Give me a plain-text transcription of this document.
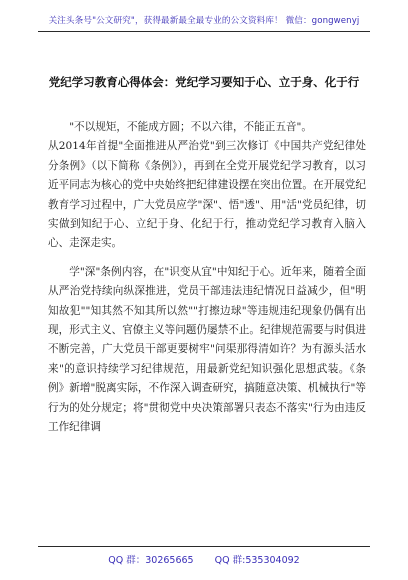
关注头条号"公文研究"，获得最新最全最专业的公文资料库！ 微信：gongwenyj
党纪学习教育心得体会：党纪学习要知于心、立于身、化于行

"不以规矩，不能成方圆；不以六律，不能正五音"。
从2014年首提"全面推进从严治党"到三次修订《中国共产党纪律处分条例》（以下简称《条例》），再到在全党开展党纪学习教育，以习近平同志为核心的党中央始终把纪律建设摆在突出位置。在开展党纪教育学习过程中，广大党员应学"深"、悟"透"、用"活"党员纪律，切实做到知纪于心、立纪于身、化纪于行，推动党纪学习教育入脑入心、走深走实。

学"深"条例内容，在"识变从宜"中知纪于心。近年来，随着全面从严治党持续向纵深推进，党员干部违法违纪情况日益减少，但"明知故犯""知其然不知其所以然""打擦边球"等违规违纪现象仍偶有出现，形式主义、官僚主义等问题仍屡禁不止。纪律规范需要与时俱进不断完善，广大党员干部更要树牢"问渠那得清如许？为有源头活水来"的意识持续学习纪律规范，用最新党纪知识强化思想武装。《条例》新增"脱离实际，不作深入调查研究，搞随意决策、机械执行"等行为的处分规定；将"贯彻党中央决策部署只表态不落实"行为由违反工作纪律调

QQ 群：30265665 QQ 群:535304092
